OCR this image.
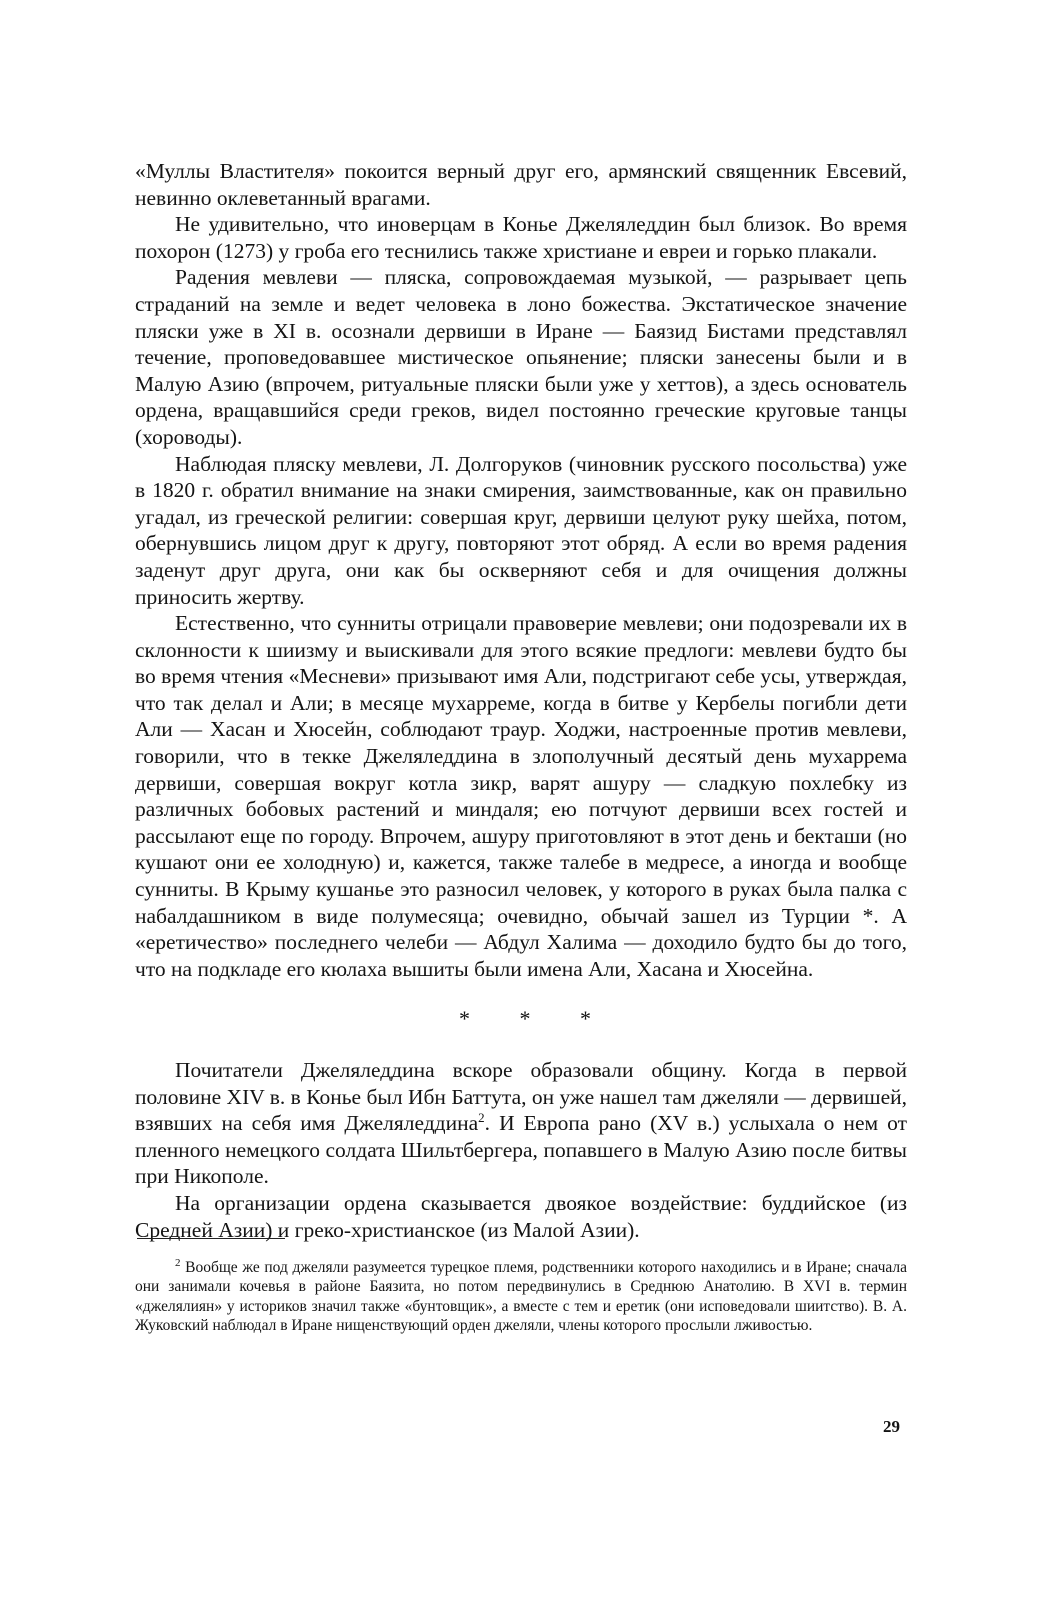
«Муллы Властителя» покоится верный друг его, армянский священник Евсевий, невинно оклеветанный врагами.

Не удивительно, что иноверцам в Конье Джеляледдин был близок. Во время похорон (1273) у гроба его теснились также христиане и евреи и горько плакали.

Радения мевлеви — пляска, сопровождаемая музыкой, — разрывает цепь страданий на земле и ведет человека в лоно божества. Экстатическое значение пляски уже в XI в. осознали дервиши в Иране — Баязид Бистами представлял течение, проповедовавшее мистическое опьянение; пляски занесены были и в Малую Азию (впрочем, ритуальные пляски были уже у хеттов), а здесь основатель ордена, вращавшийся среди греков, видел постоянно греческие круговые танцы (хороводы).

Наблюдая пляску мевлеви, Л. Долгоруков (чиновник русского посольства) уже в 1820 г. обратил внимание на знаки смирения, заимствованные, как он правильно угадал, из греческой религии: совершая круг, дервиши целуют руку шейха, потом, обернувшись лицом друг к другу, повторяют этот обряд. А если во время радения заденут друг друга, они как бы оскверняют себя и для очищения должны приносить жертву.

Естественно, что сунниты отрицали правоверие мевлеви; они подозревали их в склонности к шиизму и выискивали для этого всякие предлоги: мевлеви будто бы во время чтения «Месневи» призывают имя Али, подстригают себе усы, утверждая, что так делал и Али; в месяце мухарреме, когда в битве у Кербелы погибли дети Али — Хасан и Хюсейн, соблюдают траур. Ходжи, настроенные против мевлеви, говорили, что в текке Джеляледдина в злополучный десятый день мухаррема дервиши, совершая вокруг котла зикр, варят ашуру — сладкую похлебку из различных бобовых растений и миндаля; ею потчуют дервиши всех гостей и рассылают еще по городу. Впрочем, ашуру приготовляют в этот день и бекташи (но кушают они ее холодную) и, кажется, также талебе в медресе, а иногда и вообще сунниты. В Крыму кушанье это разносил человек, у которого в руках была палка с набалдашником в виде полумесяца; очевидно, обычай зашел из Турции *. А «еретичество» последнего челеби — Абдул Халима — доходило будто бы до того, что на подкладе его кюлаха вышиты были имена Али, Хасана и Хюсейна.

* * *

Почитатели Джеляледдина вскоре образовали общину. Когда в первой половине XIV в. в Конье был Ибн Баттута, он уже нашел там джеляли — дервишей, взявших на себя имя Джеляледдина$^2$. И Европа рано (XV в.) услыхала о нем от пленного немецкого солдата Шильтбергера, попавшего в Малую Азию после битвы при Никополе.

На организации ордена сказывается двоякое воздействие: буддийское (из Средней Азии) и греко-христианское (из Малой Азии).

$^2$ Вообще же под джеляли разумеется турецкое племя, родственники которого находились и в Иране; сначала они занимали кочевья в районе Баязита, но потом передвинулись в Среднюю Анатолию. В XVI в. термин «джелялиян» у историков значил также «бунтовщик», а вместе с тем и еретик (они исповедовали шиитство). В. А. Жуковский наблюдал в Иране нищенствующий орден джеляли, члены которого прослыли лживостью.

29
